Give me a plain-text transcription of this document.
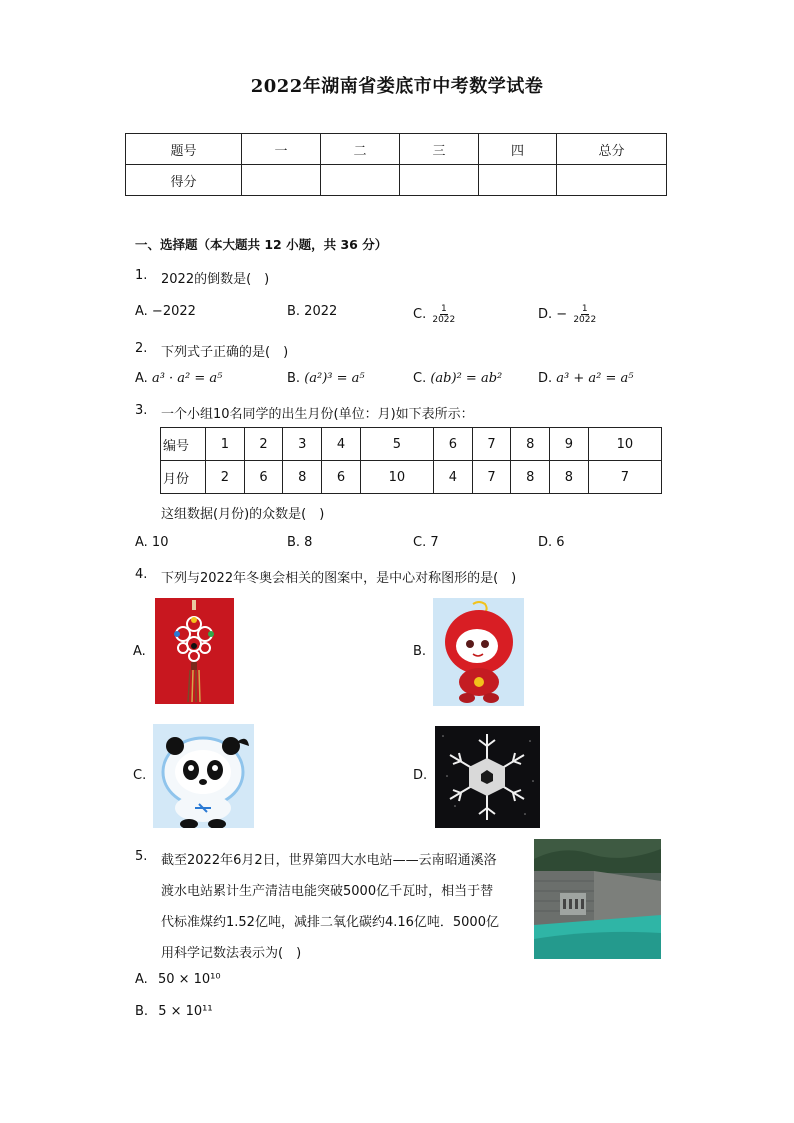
2022年湖南省娄底市中考数学试卷
题号	一	二	三	四	总分
得分					
一、选择题（本大题共 12 小题，共 36 分）
1. 2022的倒数是(　)
A. −2022	B. 2022	C. $\frac{1}{2022}$	D. − $\frac{1}{2022}$
2. 下列式子正确的是(　)
A. a³ · a² = a⁵	B. (a²)³ = a⁵	C. (ab)² = ab²	D. a³ + a² = a⁵
3. 一个小组10名同学的出生月份(单位：月)如下表所示：
编号	1	2	3	4	5	6	7	8	9	10
月份	2	6	8	6	10	4	7	8	8	7
这组数据(月份)的众数是(　)
A. 10	B. 8	C. 7	D. 6
4. 下列与2022年冬奥会相关的图案中，是中心对称图形的是(　)
A.	B.
C.	D.
5. 截至2022年6月2日，世界第四大水电站——云南昭通溪洛
渡水电站累计生产清洁电能突破5000亿千瓦时，相当于替
代标准煤约1.52亿吨，减排二氧化碳约4.16亿吨．5000亿
用科学记数法表示为(　)
A. 50 × 10¹⁰
B. 5 × 10¹¹
